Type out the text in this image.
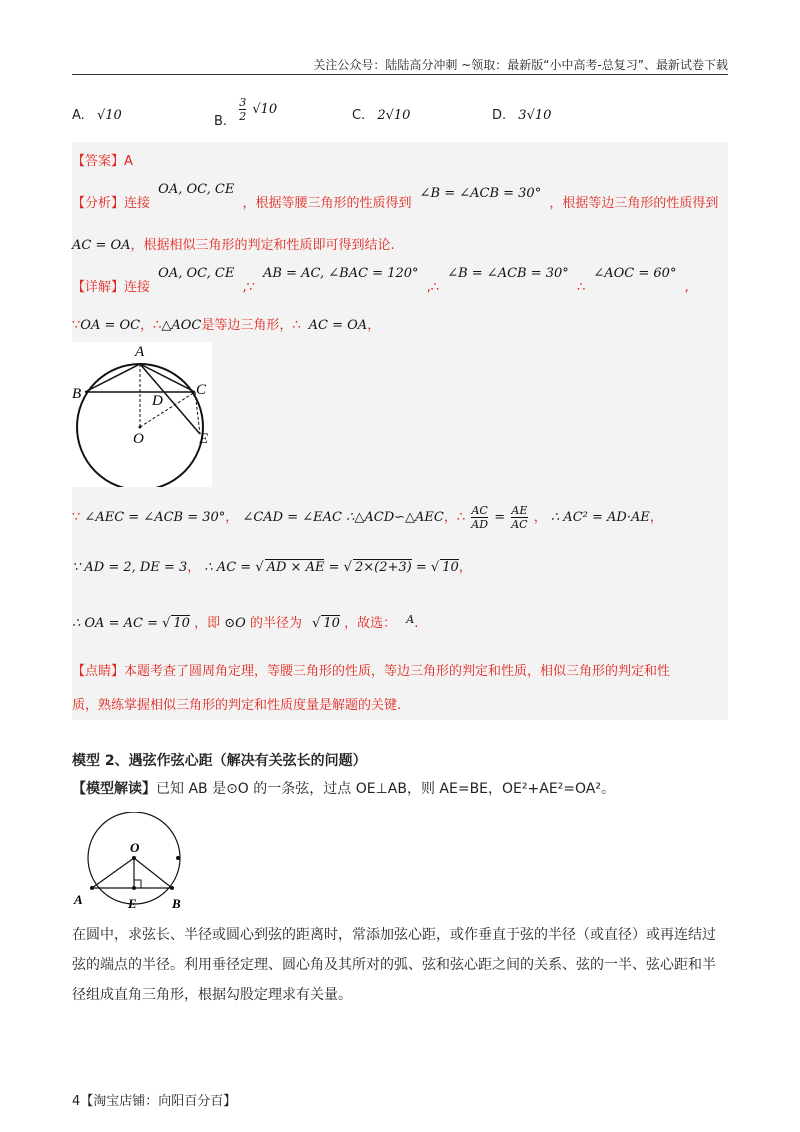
关注公众号：陆陆高分冲刺 ~领取：最新版“小中高考-总复习”、最新试卷下载
A. √10	B. $\frac{3}{2} √10$	C. 2√10	D. 3√10
【答案】A
【分析】连接 OA, OC, CE ，根据等腰三角形的性质得到 ∠B = ∠ACB = 30° ，根据等边三角形的性质得到
AC = OA，根据相似三角形的判定和性质即可得到结论.
【详解】连接 OA, OC, CE ,∵ AB = AC, ∠BAC = 120° ,∴ ∠B = ∠ACB = 30° ∴ ∠AOC = 60° ,
∵OA = OC，∴△AOC是等边三角形，∴ AC = OA，
∵ ∠AEC = ∠ACB = 30°， ∠CAD = ∠EAC ∴△ACD∽△AEC，∴ $\frac{AC}{AD} = \frac{AE}{AC}$ ， ∴ AC² = AD·AE，
∵ AD = 2, DE = 3， ∴ AC = √ AD × AE = √ 2×(2+3) = √ 10，
∴ OA = AC = √ 10 ，即 ⊙O 的半径为 √ 10 ，故选： $^A$.
【点睛】本题考查了圆周角定理，等腰三角形的性质，等边三角形的判定和性质，相似三角形的判定和性
质，熟练掌握相似三角形的判定和性质度量是解题的关键.
A
B	C
D
E
O
模型 2、遇弦作弦心距（解决有关弦长的问题）
【模型解读】已知 AB 是⊙O 的一条弦，过点 OE⊥AB，则 AE=BE，OE²+AE²=OA²。
O
A	E	B
在圆中，求弦长、半径或圆心到弦的距离时，常添加弦心距，或作垂直于弦的半径（或直径）或再连结过
弦的端点的半径。利用垂径定理、圆心角及其所对的弧、弦和弦心距之间的关系、弦的一半、弦心距和半
径组成直角三角形，根据勾股定理求有关量。
4【淘宝店铺：向阳百分百】
